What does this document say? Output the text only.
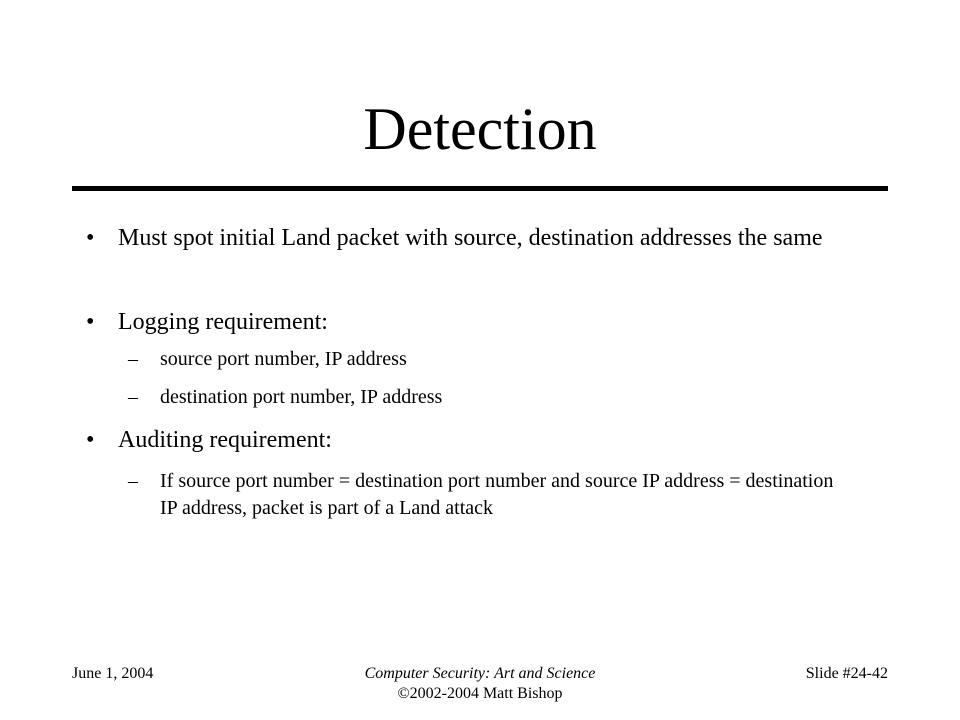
Detection
• Must spot initial Land packet with source, destination addresses the same
• Logging requirement:
– source port number, IP address
– destination port number, IP address
• Auditing requirement:
– If source port number = destination port number and source IP address = destination IP address, packet is part of a Land attack
June 1, 2004	Computer Security: Art and Science
©2002-2004 Matt Bishop
Slide #24-42
